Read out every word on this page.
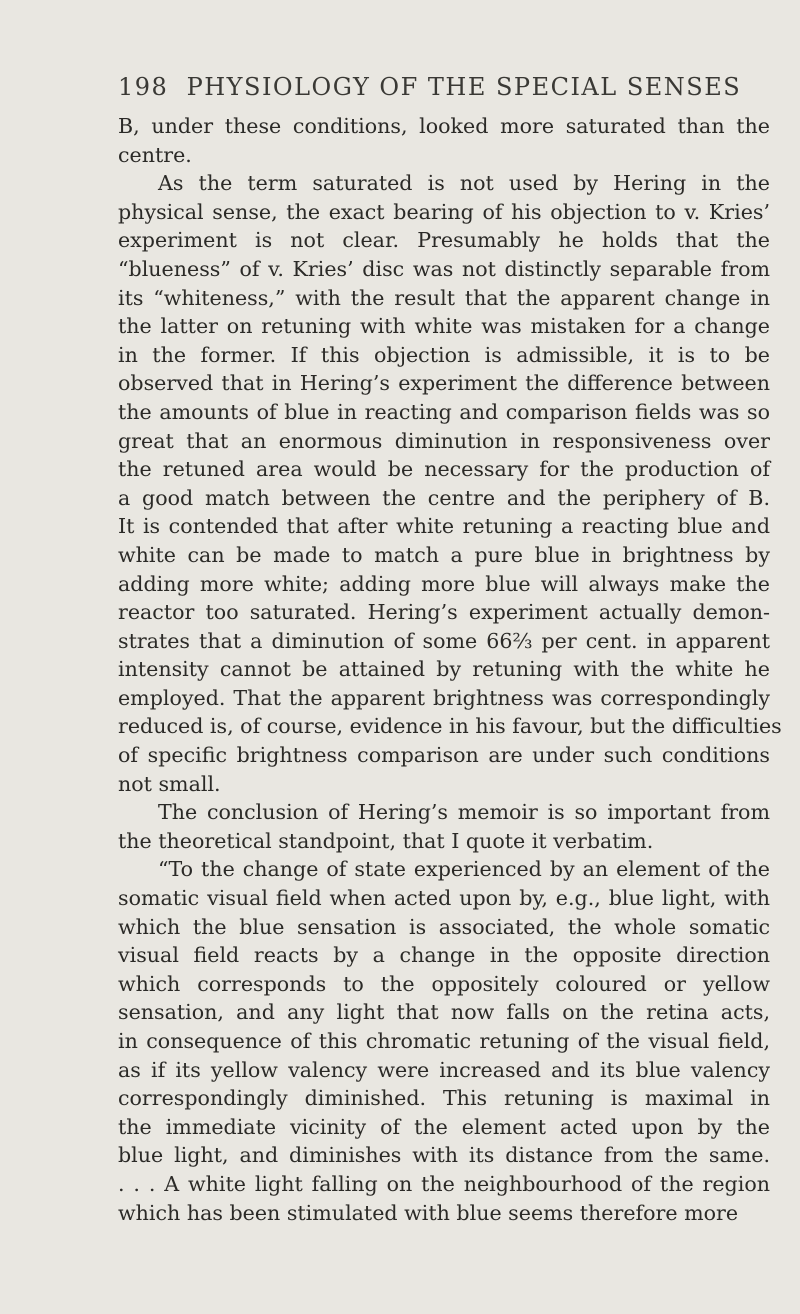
198 PHYSIOLOGY OF THE SPECIAL SENSES

B, under these conditions, looked more saturated than the
centre.

As the term saturated is not used by Hering in the
physical sense, the exact bearing of his objection to v. Kries’
experiment is not clear. Presumably he holds that the
“blueness” of v. Kries’ disc was not distinctly separable from
its “whiteness,” with the result that the apparent change in
the latter on retuning with white was mistaken for a change
in the former. If this objection is admissible, it is to be
observed that in Hering’s experiment the difference between
the amounts of blue in reacting and comparison fields was so
great that an enormous diminution in responsiveness over
the retuned area would be necessary for the production of
a good match between the centre and the periphery of B.
It is contended that after white retuning a reacting blue and
white can be made to match a pure blue in brightness by
adding more white; adding more blue will always make the
reactor too saturated. Hering’s experiment actually demon-
strates that a diminution of some 66⅔ per cent. in apparent
intensity cannot be attained by retuning with the white he
employed. That the apparent brightness was correspondingly
reduced is, of course, evidence in his favour, but the difficulties
of specific brightness comparison are under such conditions
not small.

The conclusion of Hering’s memoir is so important from
the theoretical standpoint, that I quote it verbatim.

“To the change of state experienced by an element of the
somatic visual field when acted upon by, e.g., blue light, with
which the blue sensation is associated, the whole somatic
visual field reacts by a change in the opposite direction
which corresponds to the oppositely coloured or yellow
sensation, and any light that now falls on the retina acts,
in consequence of this chromatic retuning of the visual field,
as if its yellow valency were increased and its blue valency
correspondingly diminished. This retuning is maximal in
the immediate vicinity of the element acted upon by the
blue light, and diminishes with its distance from the same.
. . . A white light falling on the neighbourhood of the region
which has been stimulated with blue seems therefore more
